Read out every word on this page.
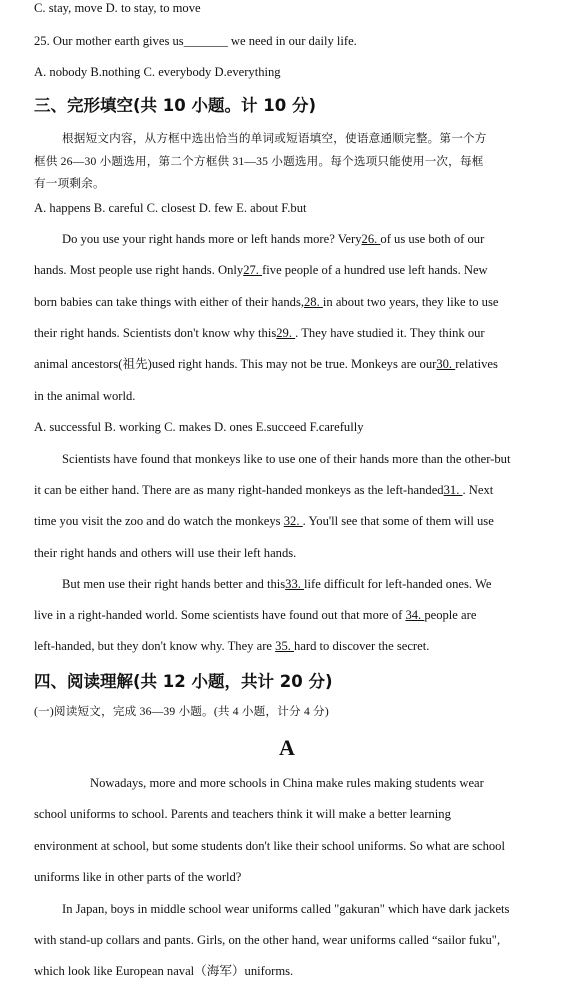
C. stay, move D. to stay, to move
25. Our mother earth gives us_______ we need in our daily life.
A. nobody B.nothing C. everybody D.everything
三、完形填空(共 10 小题。计 10 分)
根据短文内容，从方框中选出恰当的单词或短语填空，使语意通顺完整。第一个方
框供 26—30 小题选用，第二个方框供 31—35 小题选用。每个选项只能使用一次，每框
有一项剩余。
A. happens B. careful C. closest D. few E. about F.but
Do you use your right hands more or left hands more? Very26. of us use both of our
hands. Most people use right hands. Only27. five people of a hundred use left hands. New
born babies can take things with either of their hands,28. in about two years, they like to use
their right hands. Scientists don't know why this29. . They have studied it. They think our
animal ancestors(祖先)used right hands. This may not be true. Monkeys are our30. relatives
in the animal world.
A. successful B. working C. makes D. ones E.succeed F.carefully
Scientists have found that monkeys like to use one of their hands more than the other-but
it can be either hand. There are as many right-handed monkeys as the left-handed31. . Next
time you visit the zoo and do watch the monkeys 32. . You'll see that some of them will use
their right hands and others will use their left hands.
But men use their right hands better and this33. life difficult for left-handed ones. We
live in a right-handed world. Some scientists have found out that more of 34. people are
left-handed, but they don't know why. They are 35. hard to discover the secret.
四、阅读理解(共 12 小题，共计 20 分)
(一)阅读短文，完成 36—39 小题。(共 4 小题，计分 4 分)
A
Nowadays, more and more schools in China make rules making students wear
school uniforms to school. Parents and teachers think it will make a better learning
environment at school, but some students don't like their school uniforms. So what are school
uniforms like in other parts of the world?
In Japan, boys in middle school wear uniforms called "gakuran" which have dark jackets
with stand-up collars and pants. Girls, on the other hand, wear uniforms called “sailor fuku",
which look like European naval（海军）uniforms.
